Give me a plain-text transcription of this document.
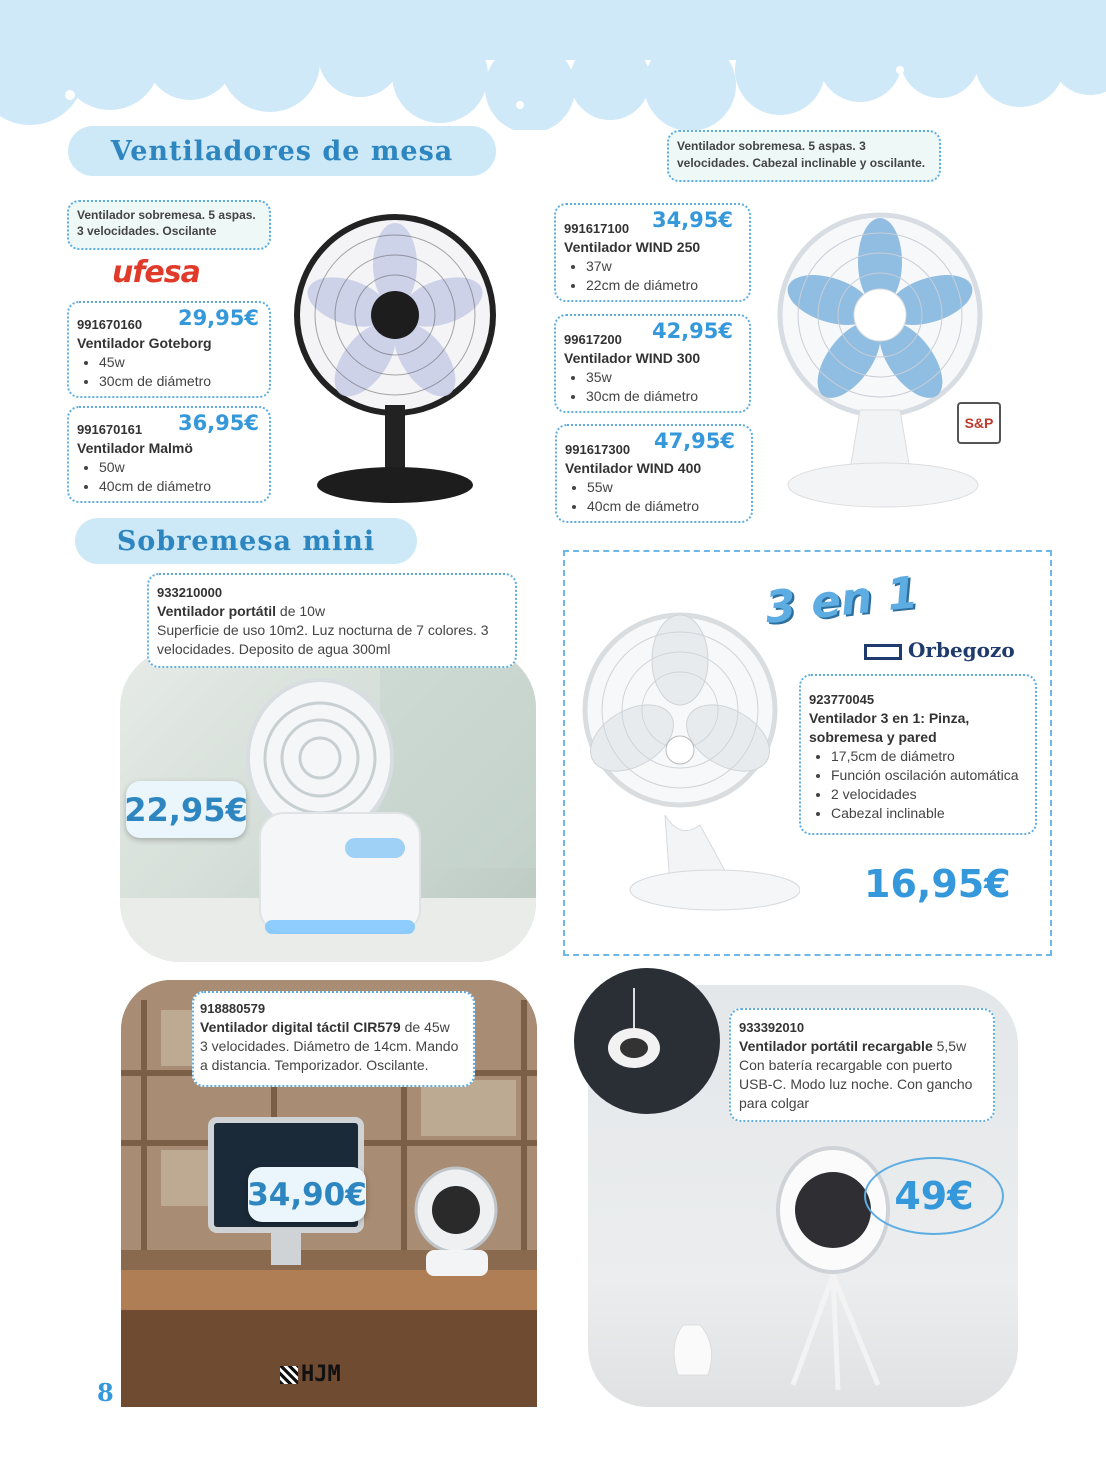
Ventiladores de mesa
Ventilador sobremesa. 5 aspas. 3 velocidades. Oscilante
ufesa
991670160	29,95€
Ventilador Goteborg
• 45w
• 30cm de diámetro
991670161	36,95€
Ventilador Malmö
• 50w
• 40cm de diámetro
Ventilador sobremesa. 5 aspas. 3 velocidades. Cabezal inclinable y oscilante.
991617100	34,95€
Ventilador WIND 250
• 37w
• 22cm de diámetro
99617200	42,95€
Ventilador WIND 300
• 35w
• 30cm de diámetro
991617300	47,95€
Ventilador WIND 400
• 55w
• 40cm de diámetro
S&P
Sobremesa mini
933210000
Ventilador portátil de 10w
Superficie de uso 10m2. Luz nocturna de 7 colores. 3 velocidades. Deposito de agua 300ml
22,95€
3 en 1
Orbegozo
923770045
Ventilador 3 en 1: Pinza, sobremesa y pared
• 17,5cm de diámetro
• Función oscilación automática
• 2 velocidades
• Cabezal inclinable
16,95€
918880579
Ventilador digital táctil CIR579 de 45w
3 velocidades. Diámetro de 14cm. Mando a distancia. Temporizador. Oscilante.
34,90€
933392010
Ventilador portátil recargable 5,5w
Con batería recargable con puerto USB-C. Modo luz noche. Con gancho para colgar
49€
8
HJM
